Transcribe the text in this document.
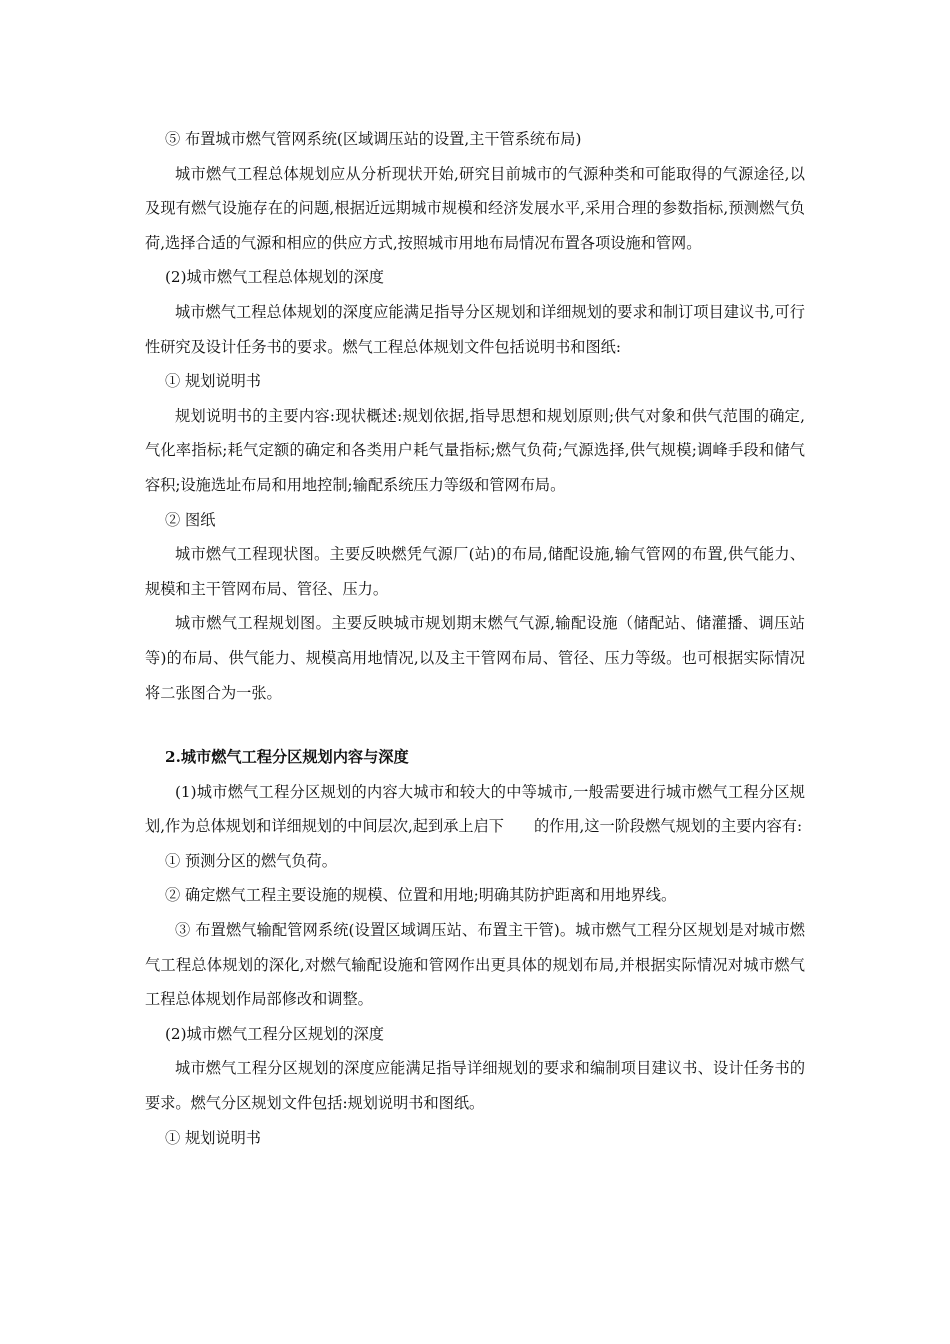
⑤ 布置城市燃气管网系统(区域调压站的设置,主干管系统布局)

城市燃气工程总体规划应从分析现状开始,研究目前城市的气源种类和可能取得的气源途径,以及现有燃气设施存在的问题,根据近远期城市规模和经济发展水平,采用合理的参数指标,预测燃气负荷,选择合适的气源和相应的供应方式,按照城市用地布局情况布置各项设施和管网。

(2)城市燃气工程总体规划的深度

城市燃气工程总体规划的深度应能满足指导分区规划和详细规划的要求和制订项目建议书,可行性研究及设计任务书的要求。燃气工程总体规划文件包括说明书和图纸:

① 规划说明书

规划说明书的主要内容:现状概述:规划依据,指导思想和规划原则;供气对象和供气范围的确定,气化率指标;耗气定额的确定和各类用户耗气量指标;燃气负荷;气源选择,供气规模;调峰手段和储气容积;设施选址布局和用地控制;输配系统压力等级和管网布局。

② 图纸

城市燃气工程现状图。主要反映燃凭气源厂(站)的布局,储配设施,输气管网的布置,供气能力、规模和主干管网布局、管径、压力。

城市燃气工程规划图。主要反映城市规划期末燃气气源,输配设施（储配站、储灌播、调压站等)的布局、供气能力、规模高用地情况,以及主干管网布局、管径、压力等级。也可根据实际情况将二张图合为一张。

2.城市燃气工程分区规划内容与深度

(1)城市燃气工程分区规划的内容大城市和较大的中等城市,一般需要进行城市燃气工程分区规划,作为总体规划和详细规划的中间层次,起到承上启下 的作用,这一阶段燃气规划的主要内容有:

① 预测分区的燃气负荷。

② 确定燃气工程主要设施的规模、位置和用地;明确其防护距离和用地界线。

③ 布置燃气输配管网系统(设置区域调压站、布置主干管)。城市燃气工程分区规划是对城市燃气工程总体规划的深化,对燃气输配设施和管网作出更具体的规划布局,并根据实际情况对城市燃气工程总体规划作局部修改和调整。

(2)城市燃气工程分区规划的深度

城市燃气工程分区规划的深度应能满足指导详细规划的要求和编制项目建议书、设计任务书的要求。燃气分区规划文件包括:规划说明书和图纸。

① 规划说明书
